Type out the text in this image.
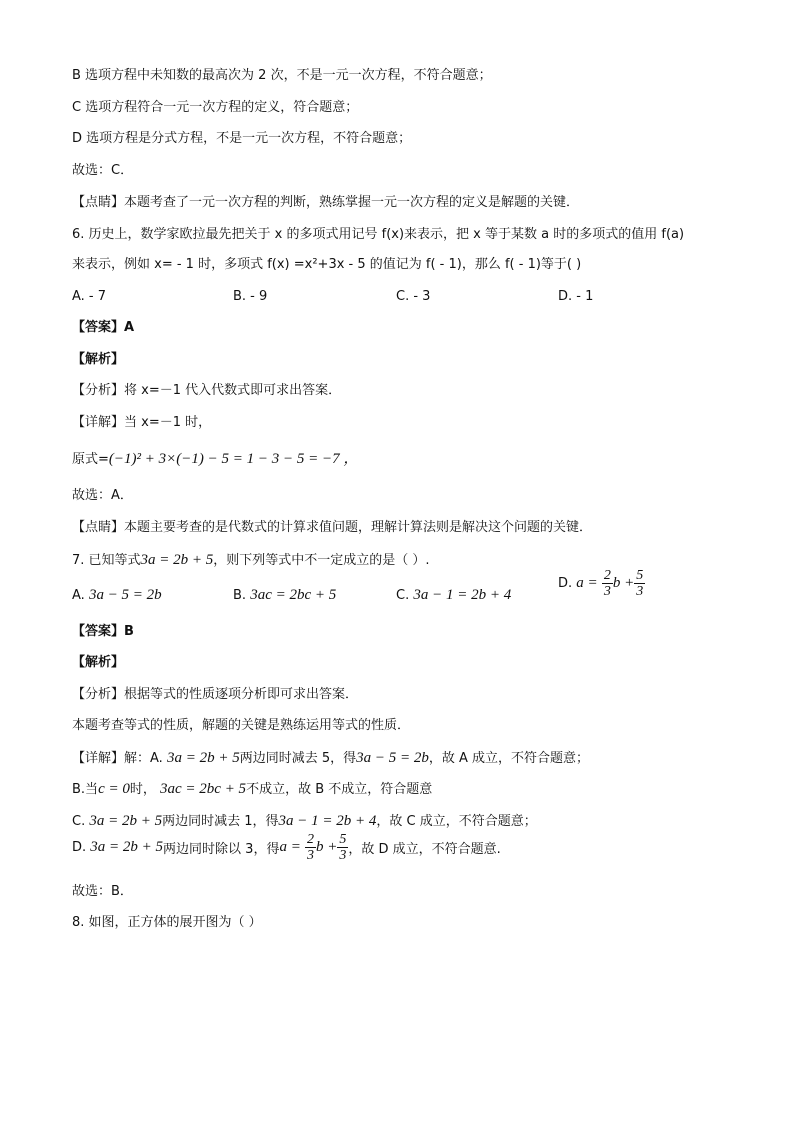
B 选项方程中未知数的最高次为 2 次，不是一元一次方程，不符合题意；
C 选项方程符合一元一次方程的定义，符合题意；
D 选项方程是分式方程，不是一元一次方程，不符合题意；
故选：C．
【点睛】本题考查了一元一次方程的判断，熟练掌握一元一次方程的定义是解题的关键．
6. 历史上，数学家欧拉最先把关于 x 的多项式用记号 f(x)来表示，把 x 等于某数 a 时的多项式的值用 f(a)
来表示，例如 x= - 1 时，多项式 f(x) =x²+3x - 5 的值记为 f( - 1)，那么 f( - 1)等于( )
A. - 7	B. - 9	C. - 3	D. - 1
【答案】A
【解析】
【分析】将 x=－1 代入代数式即可求出答案．
【详解】当 x=－1 时，
原式=(−1)² + 3×(−1) − 5 = 1 − 3 − 5 = −7 ，
故选：A．
【点睛】本题主要考查的是代数式的计算求值问题，理解计算法则是解决这个问题的关键．
7. 已知等式3a = 2b + 5，则下列等式中不一定成立的是（ ）.
A. 3a − 5 = 2b	B. 3ac = 2bc + 5	C. 3a − 1 = 2b + 4
D. $a = \frac{2}{3}$ $b + \frac{5}{3}$
【答案】B
【解析】
【分析】根据等式的性质逐项分析即可求出答案．
本题考查等式的性质，解题的关键是熟练运用等式的性质．
【详解】解：A. 3a = 2b + 5两边同时减去 5，得3a − 5 = 2b，故 A 成立，不符合题意；
B.当c = 0时， 3ac = 2bc + 5不成立，故 B 不成立，符合题意
C. 3a = 2b + 5两边同时减去 1，得3a − 1 = 2b + 4，故 C 成立，不符合题意；
D. 3a = 2b + 5两边同时除以 3，得$a = \frac{2}{3}$ $b + \frac{5}{3}$ ，故 D 成立，不符合题意.
故选：B．
8. 如图，正方体的展开图为（ ）
